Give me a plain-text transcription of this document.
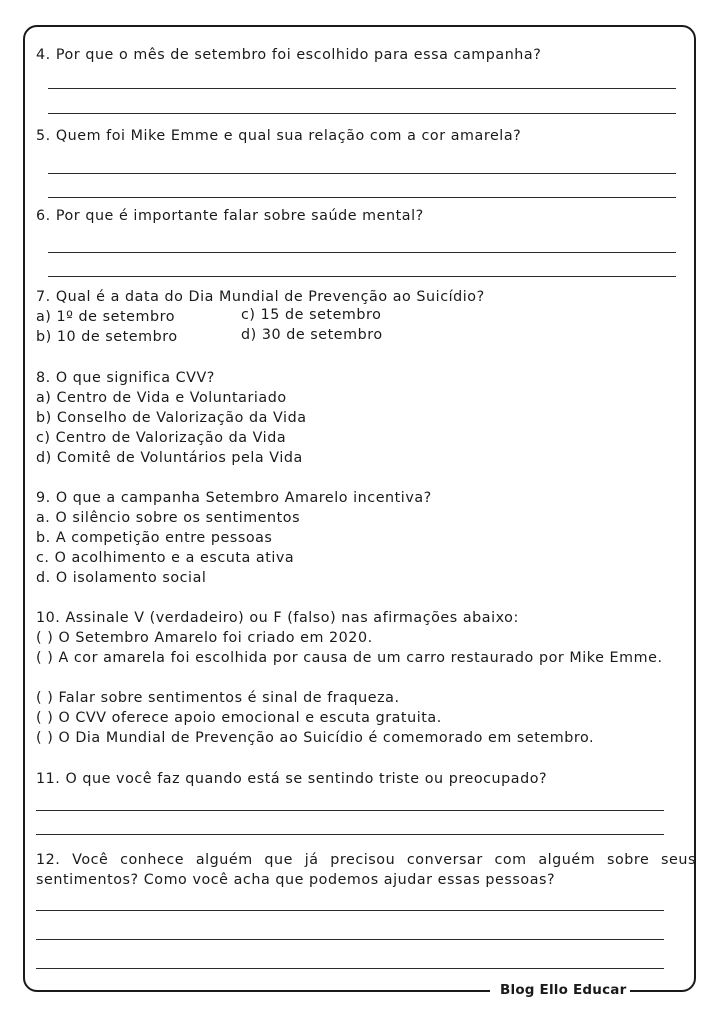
4. Por que o mês de setembro foi escolhido para essa campanha?
5. Quem foi Mike Emme e qual sua relação com a cor amarela?
6. Por que é importante falar sobre saúde mental?
7. Qual é a data do Dia Mundial de Prevenção ao Suicídio?
a) 1º de setembro
b) 10 de setembro
c) 15 de setembro
d) 30 de setembro
8. O que significa CVV?
a) Centro de Vida e Voluntariado
b) Conselho de Valorização da Vida
c) Centro de Valorização da Vida
d) Comitê de Voluntários pela Vida
9. O que a campanha Setembro Amarelo incentiva?
a. O silêncio sobre os sentimentos
b. A competição entre pessoas
c. O acolhimento e a escuta ativa
d. O isolamento social
10. Assinale V (verdadeiro) ou F (falso) nas afirmações abaixo:
( ) O Setembro Amarelo foi criado em 2020.
( ) A cor amarela foi escolhida por causa de um carro restaurado por Mike Emme.
( ) Falar sobre sentimentos é sinal de fraqueza.
( ) O CVV oferece apoio emocional e escuta gratuita.
( ) O Dia Mundial de Prevenção ao Suicídio é comemorado em setembro.
11. O que você faz quando está se sentindo triste ou preocupado?
12. Você conhece alguém que já precisou conversar com alguém sobre seus sentimentos? Como você acha que podemos ajudar essas pessoas?
Blog Ello Educar
